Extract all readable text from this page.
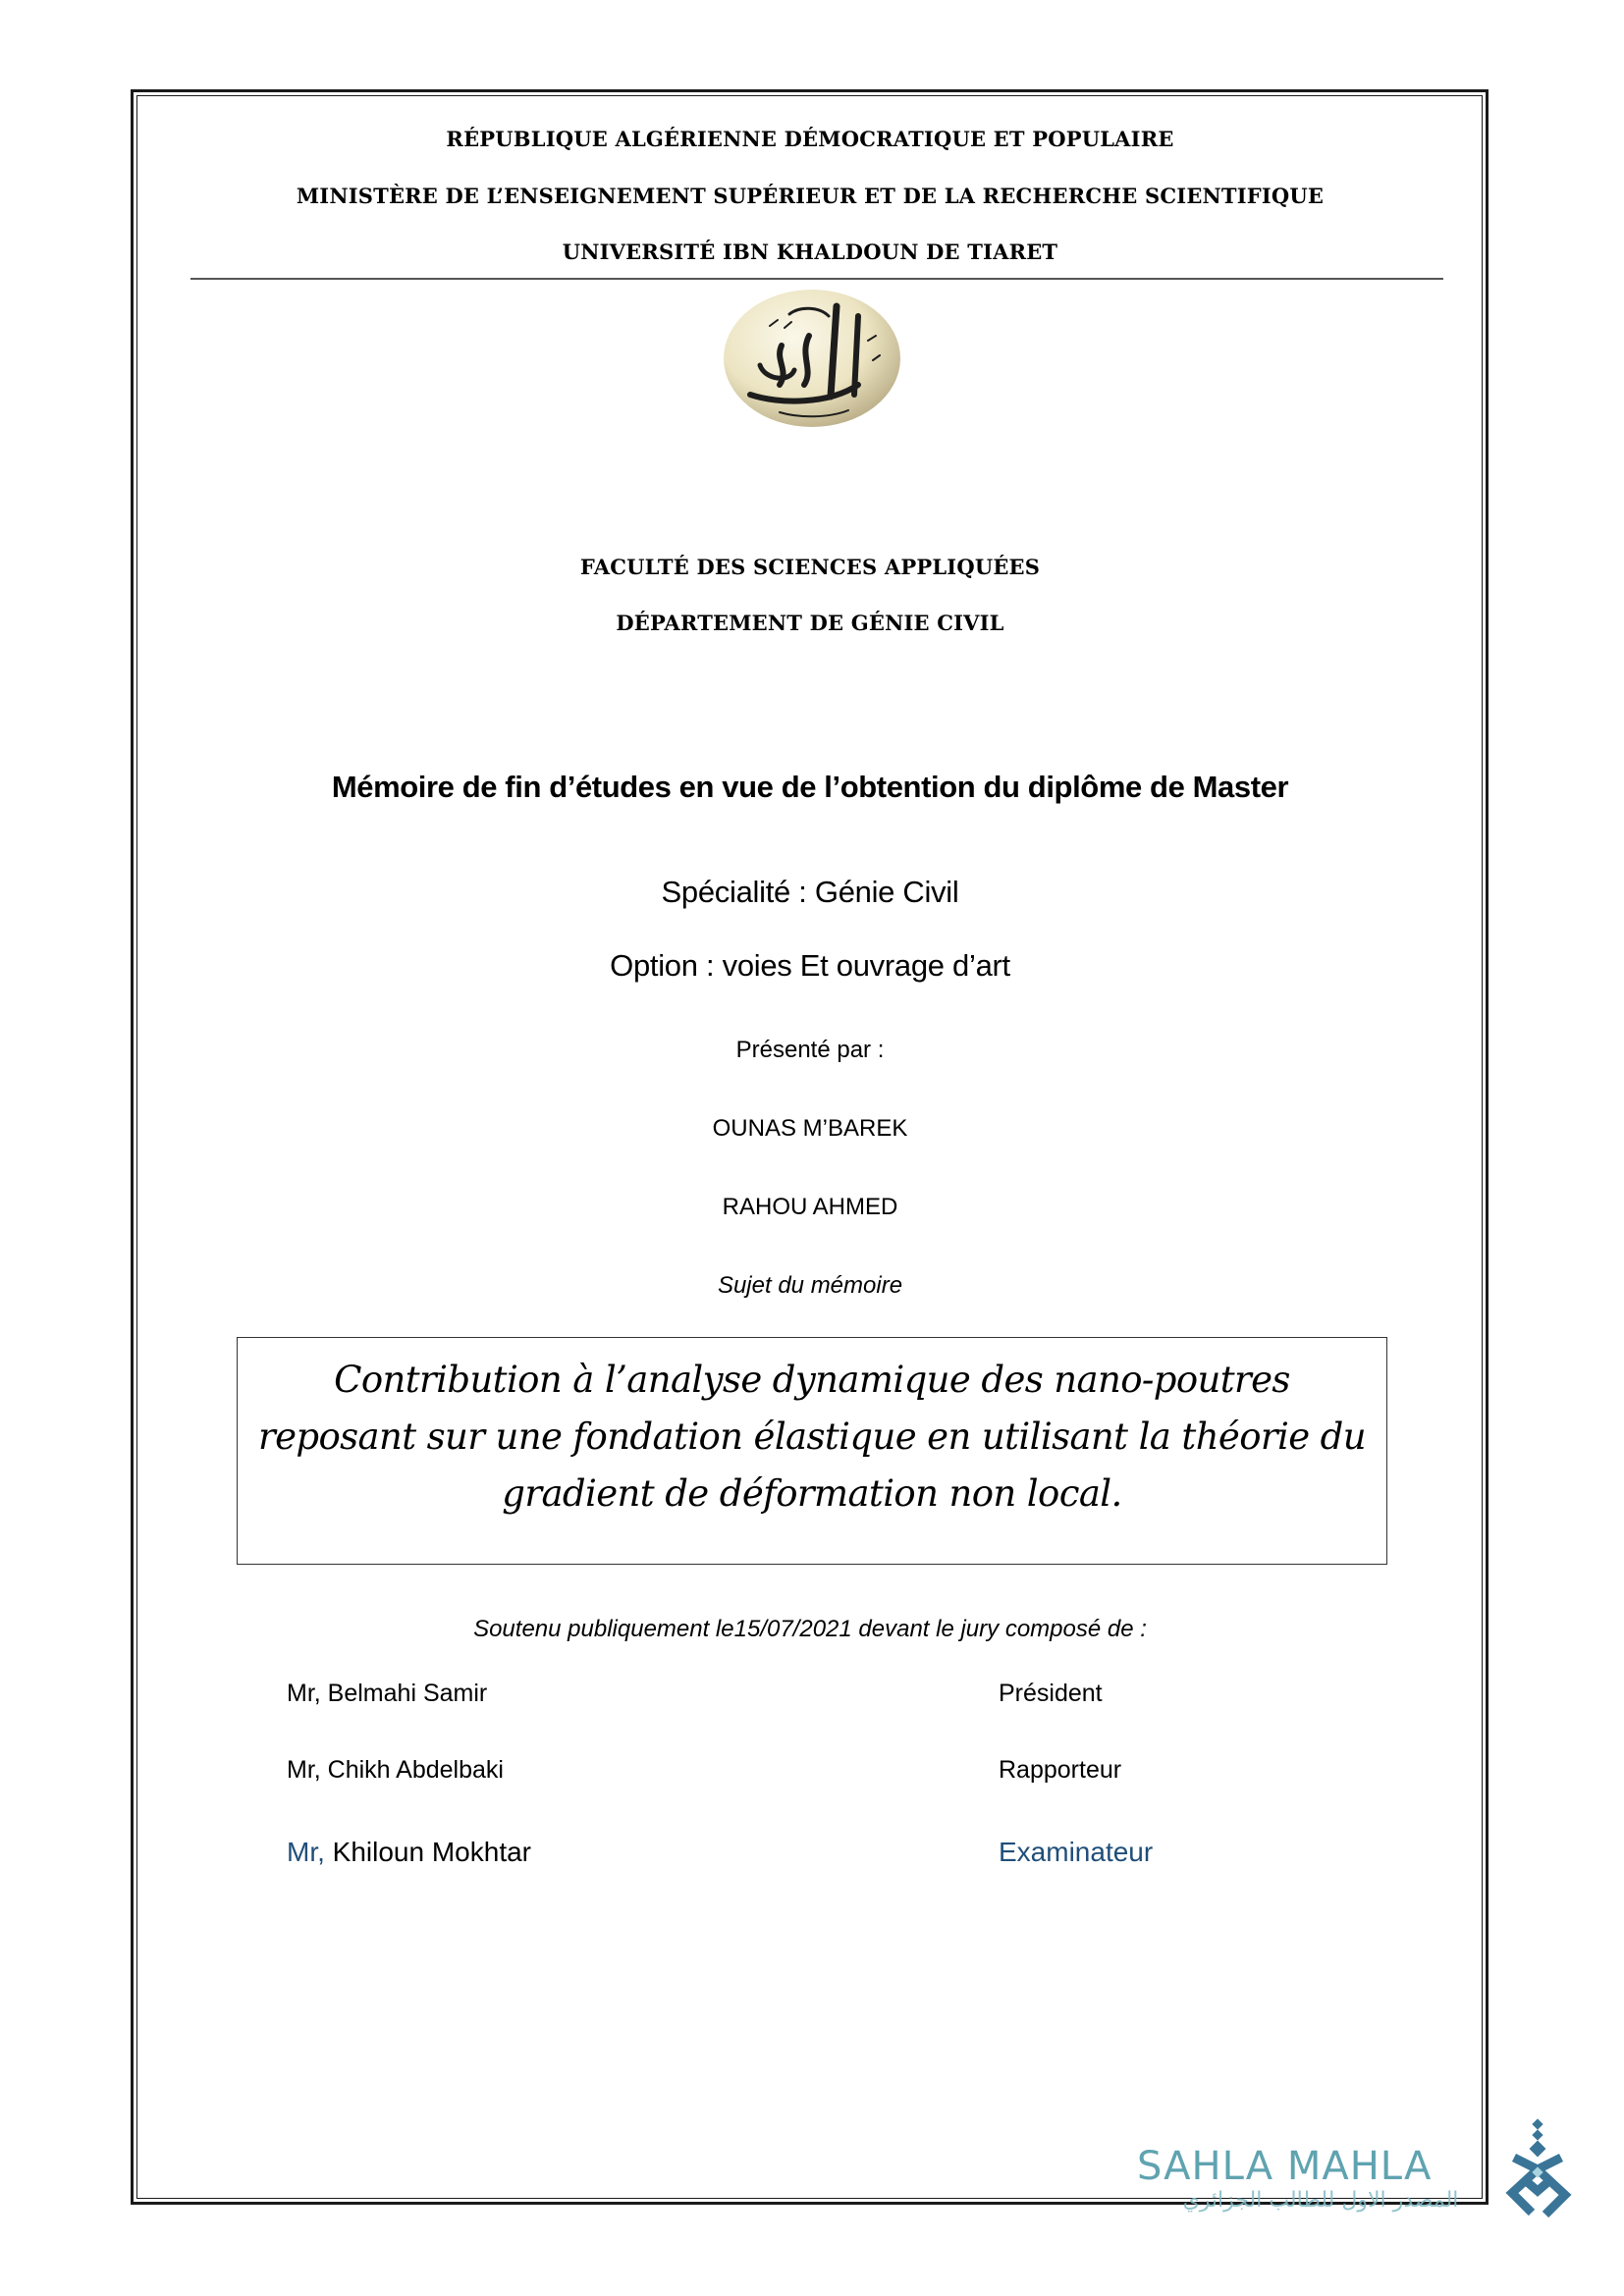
RÉPUBLIQUE ALGÉRIENNE DÉMOCRATIQUE ET POPULAIRE
MINISTÈRE DE L’ENSEIGNEMENT SUPÉRIEUR ET DE LA RECHERCHE SCIENTIFIQUE
UNIVERSITÉ IBN KHALDOUN DE TIARET
FACULTÉ DES SCIENCES APPLIQUÉES
DÉPARTEMENT DE GÉNIE CIVIL
Mémoire de fin d’études en vue de l’obtention du diplôme de Master
Spécialité : Génie Civil
Option : voies Et ouvrage d’art
Présenté par :
OUNAS M’BAREK
RAHOU AHMED
Sujet du mémoire
Contribution à l’analyse dynamique des nano-poutres reposant sur une fondation élastique en utilisant la théorie du gradient de déformation non local.
Soutenu publiquement le15/07/2021 devant le jury composé de :
Mr, Belmahi Samir	Président
Mr, Chikh Abdelbaki	Rapporteur
Mr, Khiloun Mokhtar	Examinateur
SAHLA MAHLA
المصدر الاول للطالب الجزائري
